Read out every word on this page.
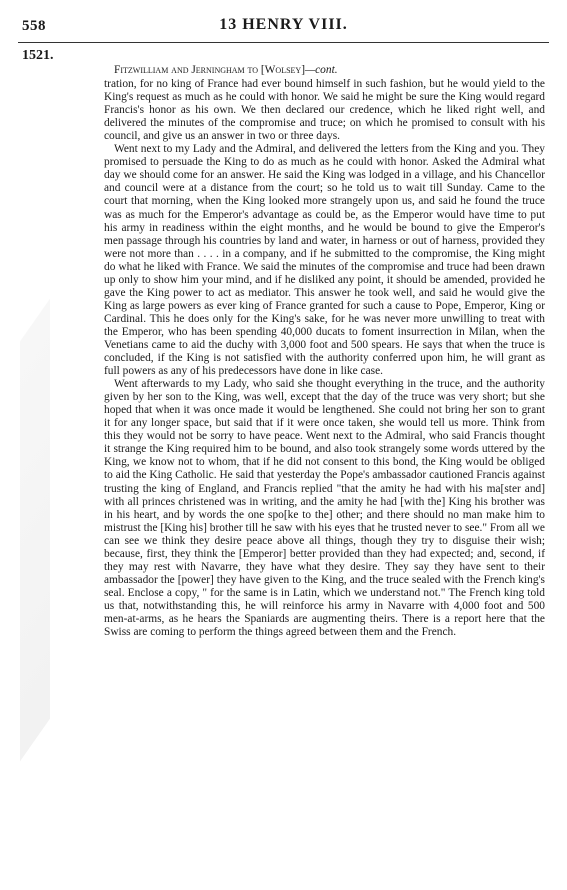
558	13 HENRY VIII.
1521.
Fitzwilliam and Jerningham to [Wolsey]—cont.

tration, for no king of France had ever bound himself in such fashion, but he would yield to the King's request as much as he could with honor. We said he might be sure the King would regard Francis's honor as his own. We then declared our credence, which he liked right well, and delivered the minutes of the compromise and truce; on which he promised to consult with his council, and give us an answer in two or three days.

Went next to my Lady and the Admiral, and delivered the letters from the King and you. They promised to persuade the King to do as much as he could with honor. Asked the Admiral what day we should come for an answer. He said the King was lodged in a village, and his Chancellor and council were at a distance from the court; so he told us to wait till Sunday. Came to the court that morning, when the King looked more strangely upon us, and said he found the truce was as much for the Emperor's advantage as could be, as the Emperor would have time to put his army in readiness within the eight months, and he would be bound to give the Emperor's men passage through his countries by land and water, in harness or out of harness, provided they were not more than . . . . in a company, and if he submitted to the compromise, the King might do what he liked with France. We said the minutes of the compromise and truce had been drawn up only to show him your mind, and if he disliked any point, it should be amended, provided he gave the King power to act as mediator. This answer he took well, and said he would give the King as large powers as ever king of France granted for such a cause to Pope, Emperor, King or Cardinal. This he does only for the King's sake, for he was never more unwilling to treat with the Emperor, who has been spending 40,000 ducats to foment insurrection in Milan, when the Venetians came to aid the duchy with 3,000 foot and 500 spears. He says that when the truce is concluded, if the King is not satisfied with the authority conferred upon him, he will grant as full powers as any of his predecessors have done in like case.

Went afterwards to my Lady, who said she thought everything in the truce, and the authority given by her son to the King, was well, except that the day of the truce was very short; but she hoped that when it was once made it would be lengthened. She could not bring her son to grant it for any longer space, but said that if it were once taken, she would tell us more. Think from this they would not be sorry to have peace. Went next to the Admiral, who said Francis thought it strange the King required him to be bound, and also took strangely some words uttered by the King, we know not to whom, that if he did not consent to this bond, the King would be obliged to aid the King Catholic. He said that yesterday the Pope's ambassador cautioned Francis against trusting the king of England, and Francis replied "that the amity he had with his ma[ster and] with all princes christened was in writing, and the amity he had [with the] King his brother was in his heart, and by words the one spo[ke to the] other; and there should no man make him to mistrust the [King his] brother till he saw with his eyes that he trusted never to see." From all we can see we think they desire peace above all things, though they try to disguise their wish; because, first, they think the [Emperor] better provided than they had expected; and, second, if they may rest with Navarre, they have what they desire. They say they have sent to their ambassador the [power] they have given to the King, and the truce sealed with the French king's seal. Enclose a copy, " for the same is in Latin, which we understand not." The French king told us that, notwithstanding this, he will reinforce his army in Navarre with 4,000 foot and 500 men-at-arms, as he hears the Spaniards are augmenting theirs. There is a report here that the Swiss are coming to perform the things agreed between them and the French.
